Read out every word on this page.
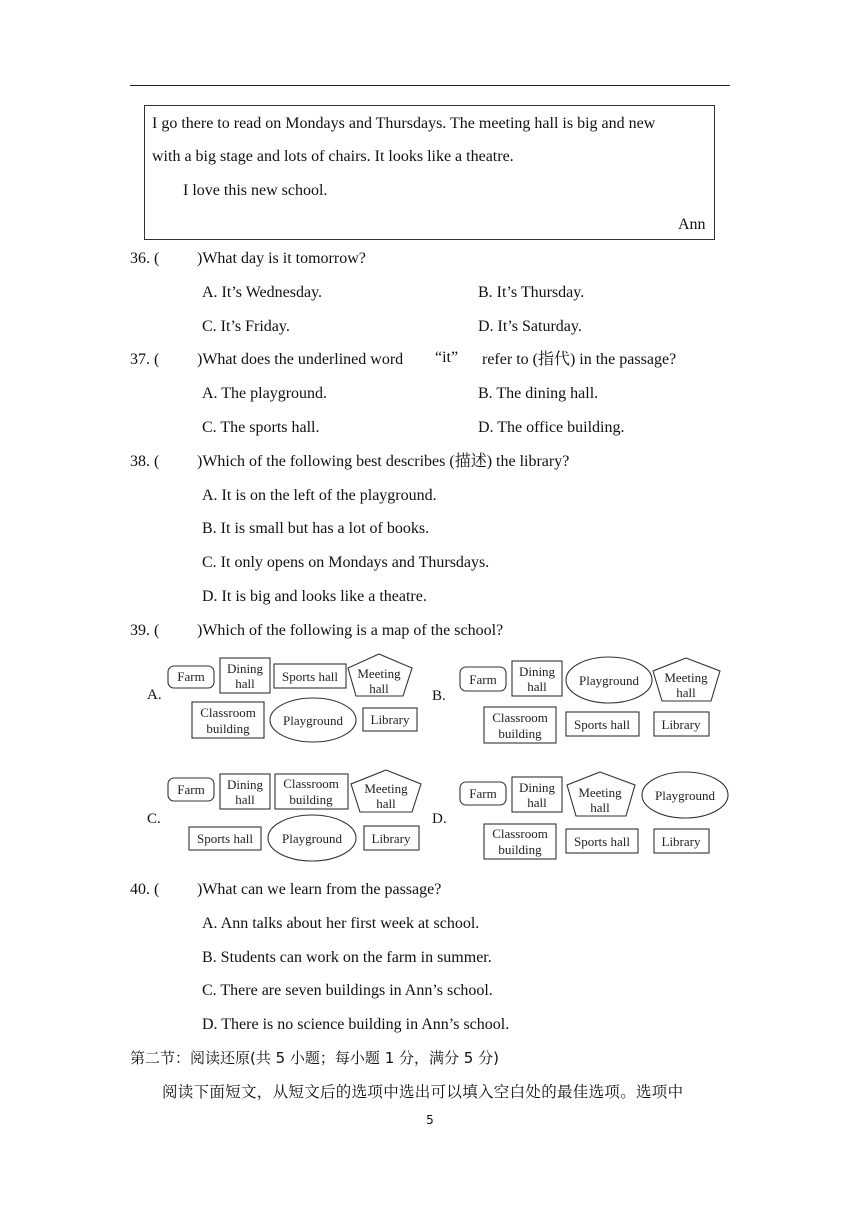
I go there to read on Mondays and Thursdays. The meeting hall is big and new
with a big stage and lots of chairs. It looks like a theatre.
I love this new school.
Ann
36. ( )What day is it tomorrow?
A. It’s Wednesday.	B. It’s Thursday.
C. It’s Friday.	D. It’s Saturday.
37. ( )What does the underlined word “it” refer to (指代) in the passage?
A. The playground.	B. The dining hall.
C. The sports hall.	D. The office building.
38. ( )Which of the following best describes (描述) the library?
A. It is on the left of the playground.
B. It is small but has a lot of books.
C. It only opens on Mondays and Thursdays.
D. It is big and looks like a theatre.
39. ( )Which of the following is a map of the school?
A.
Farm
Dining
hall Sports hall Meeting
hall
Classroom
building
Playground Library
B.
Farm
Dining
hall Playground Meeting
hall
Classroom
building
Sports hall Library
C.
Farm Dining
hall
Classroom
building
Meeting
hall
Sports hall Playground Library
D.
Farm Dining
hall
Meeting
hall
Playground
Classroom
building
Sports hall Library
40. ( )What can we learn from the passage?
A. Ann talks about her first week at school.
B. Students can work on the farm in summer.
C. There are seven buildings in Ann’s school.
D. There is no science building in Ann’s school.
第二节：阅读还原(共 5 小题；每小题 1 分，满分 5 分)
阅读下面短文，从短文后的选项中选出可以填入空白处的最佳选项。选项中
5
